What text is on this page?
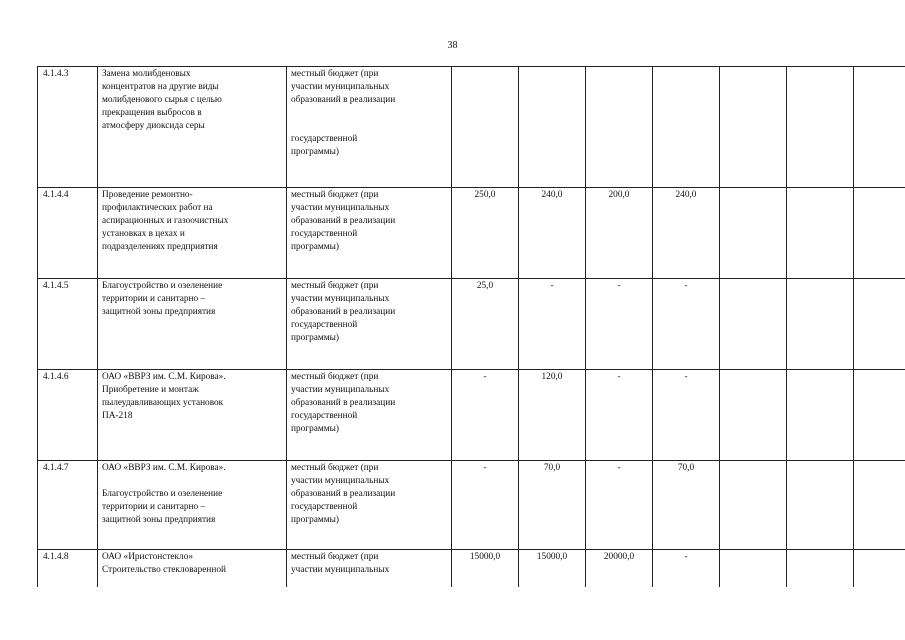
38
4.1.4.3	Замена молибденовых
концентратов на другие виды
молибденового сырья с целью
прекращения выбросов в
атмосферу диоксида серы	местный бюджет (при
участии муниципальных
образований в реализации

государственной
программы)							
4.1.4.4	Проведение ремонтно-
профилактических работ на
аспирационных и газоочистных
установках в цехах и
подразделениях предприятия	местный бюджет (при
участии муниципальных
образований в реализации
государственной
программы)	250,0	240,0	200,0	240,0			
4.1.4.5	Благоустройство и озеленение
территории и санитарно –
защитной зоны предприятия	местный бюджет (при
участии муниципальных
образований в реализации
государственной
программы)	25,0	-	-	-			
4.1.4.6	ОАО «ВВРЗ им. С.М. Кирова».
Приобретение и монтаж
пылеудавливающих установок
ПА-218	местный бюджет (при
участии муниципальных
образований в реализации
государственной
программы)	-	120,0	-	-			
4.1.4.7	ОАО «ВВРЗ им. С.М. Кирова».

Благоустройство и озеленение
территории и санитарно –
защитной зоны предприятия	местный бюджет (при
участии муниципальных
образований в реализации
государственной
программы)	-	70,0	-	70,0			
4.1.4.8	ОАО «Иристонстекло»
Строительство стекловаренной	местный бюджет (при
участии муниципальных	15000,0	15000,0	20000,0	-			
